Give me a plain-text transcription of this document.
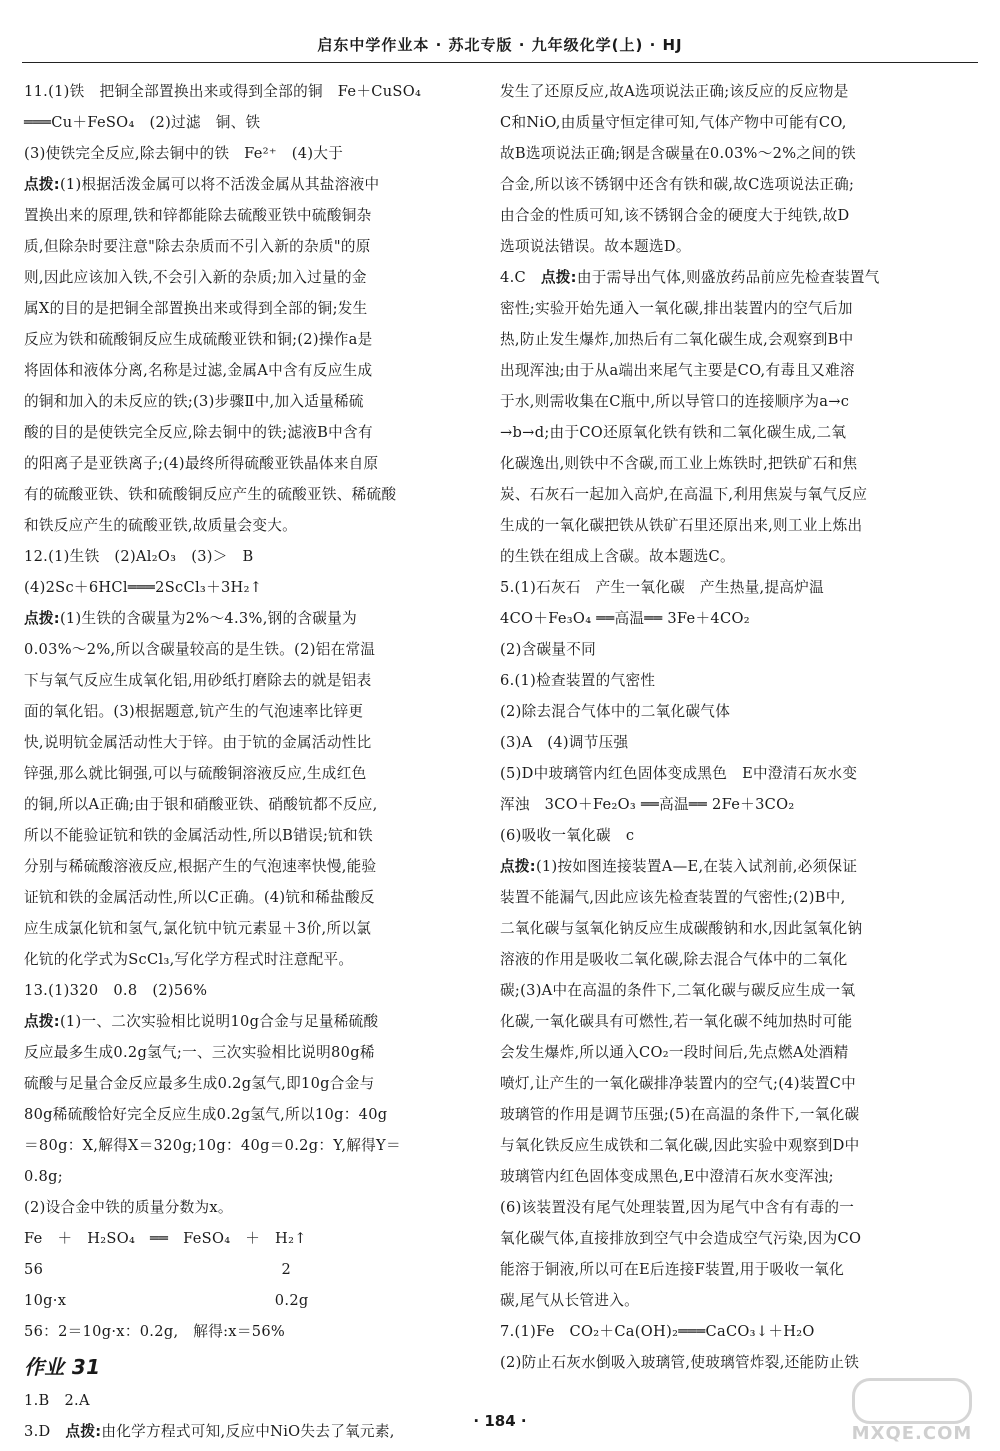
启东中学作业本 · 苏北专版 · 九年级化学(上) · HJ
11.(1)铁　把铜全部置换出来或得到全部的铜　Fe＋CuSO₄
═══Cu＋FeSO₄　(2)过滤　铜、铁
(3)使铁完全反应,除去铜中的铁　Fe²⁺　(4)大于
点拨:(1)根据活泼金属可以将不活泼金属从其盐溶液中
置换出来的原理,铁和锌都能除去硫酸亚铁中硫酸铜杂
质,但除杂时要注意"除去杂质而不引入新的杂质"的原
则,因此应该加入铁,不会引入新的杂质;加入过量的金
属X的目的是把铜全部置换出来或得到全部的铜;发生
反应为铁和硫酸铜反应生成硫酸亚铁和铜;(2)操作a是
将固体和液体分离,名称是过滤,金属A中含有反应生成
的铜和加入的未反应的铁;(3)步骤Ⅱ中,加入适量稀硫
酸的目的是使铁完全反应,除去铜中的铁;滤液B中含有
的阳离子是亚铁离子;(4)最终所得硫酸亚铁晶体来自原
有的硫酸亚铁、铁和硫酸铜反应产生的硫酸亚铁、稀硫酸
和铁反应产生的硫酸亚铁,故质量会变大。
12.(1)生铁　(2)Al₂O₃　(3)＞　B
(4)2Sc＋6HCl═══2ScCl₃＋3H₂↑
点拨:(1)生铁的含碳量为2%～4.3%,钢的含碳量为
0.03%～2%,所以含碳量较高的是生铁。(2)铝在常温
下与氧气反应生成氧化铝,用砂纸打磨除去的就是铝表
面的氧化铝。(3)根据题意,钪产生的气泡速率比锌更
快,说明钪金属活动性大于锌。由于钪的金属活动性比
锌强,那么就比铜强,可以与硫酸铜溶液反应,生成红色
的铜,所以A正确;由于银和硝酸亚铁、硝酸钪都不反应,
所以不能验证钪和铁的金属活动性,所以B错误;钪和铁
分别与稀硫酸溶液反应,根据产生的气泡速率快慢,能验
证钪和铁的金属活动性,所以C正确。(4)钪和稀盐酸反
应生成氯化钪和氢气,氯化钪中钪元素显＋3价,所以氯
化钪的化学式为ScCl₃,写化学方程式时注意配平。
13.(1)320　0.8　(2)56%
点拨:(1)一、二次实验相比说明10g合金与足量稀硫酸
反应最多生成0.2g氢气;一、三次实验相比说明80g稀
硫酸与足量合金反应最多生成0.2g氢气,即10g合金与
80g稀硫酸恰好完全反应生成0.2g氢气,所以10g：40g
＝80g：X,解得X＝320g;10g：40g＝0.2g：Y,解得Y＝
0.8g;
(2)设合金中铁的质量分数为x。
Fe　＋　H₂SO₄　══　FeSO₄　＋　H₂↑
56　　　　　　　　　　　　　　　　2
10g·x　　　　　　　　　　　　　　0.2g
56：2＝10g·x：0.2g,　解得:x＝56%
作业 31
1.B　2.A
3.D　点拨:由化学方程式可知,反应中NiO失去了氧元素,
发生了还原反应,故A选项说法正确;该反应的反应物是
C和NiO,由质量守恒定律可知,气体产物中可能有CO,
故B选项说法正确;钢是含碳量在0.03%～2%之间的铁
合金,所以该不锈钢中还含有铁和碳,故C选项说法正确;
由合金的性质可知,该不锈钢合金的硬度大于纯铁,故D
选项说法错误。故本题选D。
4.C　点拨:由于需导出气体,则盛放药品前应先检查装置气
密性;实验开始先通入一氧化碳,排出装置内的空气后加
热,防止发生爆炸,加热后有二氧化碳生成,会观察到B中
出现浑浊;由于从a端出来尾气主要是CO,有毒且又难溶
于水,则需收集在C瓶中,所以导管口的连接顺序为a→c
→b→d;由于CO还原氧化铁有铁和二氧化碳生成,二氧
化碳逸出,则铁中不含碳,而工业上炼铁时,把铁矿石和焦
炭、石灰石一起加入高炉,在高温下,利用焦炭与氧气反应
生成的一氧化碳把铁从铁矿石里还原出来,则工业上炼出
的生铁在组成上含碳。故本题选C。
5.(1)石灰石　产生一氧化碳　产生热量,提高炉温
4CO＋Fe₃O₄ ══高温══ 3Fe＋4CO₂
(2)含碳量不同
6.(1)检查装置的气密性
(2)除去混合气体中的二氧化碳气体
(3)A　(4)调节压强
(5)D中玻璃管内红色固体变成黑色　E中澄清石灰水变
浑浊　3CO＋Fe₂O₃ ══高温══ 2Fe＋3CO₂
(6)吸收一氧化碳　c
点拨:(1)按如图连接装置A—E,在装入试剂前,必须保证
装置不能漏气,因此应该先检查装置的气密性;(2)B中,
二氧化碳与氢氧化钠反应生成碳酸钠和水,因此氢氧化钠
溶液的作用是吸收二氧化碳,除去混合气体中的二氧化
碳;(3)A中在高温的条件下,二氧化碳与碳反应生成一氧
化碳,一氧化碳具有可燃性,若一氧化碳不纯加热时可能
会发生爆炸,所以通入CO₂一段时间后,先点燃A处酒精
喷灯,让产生的一氧化碳排净装置内的空气;(4)装置C中
玻璃管的作用是调节压强;(5)在高温的条件下,一氧化碳
与氧化铁反应生成铁和二氧化碳,因此实验中观察到D中
玻璃管内红色固体变成黑色,E中澄清石灰水变浑浊;
(6)该装置没有尾气处理装置,因为尾气中含有有毒的一
氧化碳气体,直接排放到空气中会造成空气污染,因为CO
能溶于铜液,所以可在E后连接F装置,用于吸收一氧化
碳,尾气从长管进入。
7.(1)Fe　CO₂＋Ca(OH)₂═══CaCO₃↓＋H₂O
(2)防止石灰水倒吸入玻璃管,使玻璃管炸裂,还能防止铁
· 184 ·
MXQE.COM
